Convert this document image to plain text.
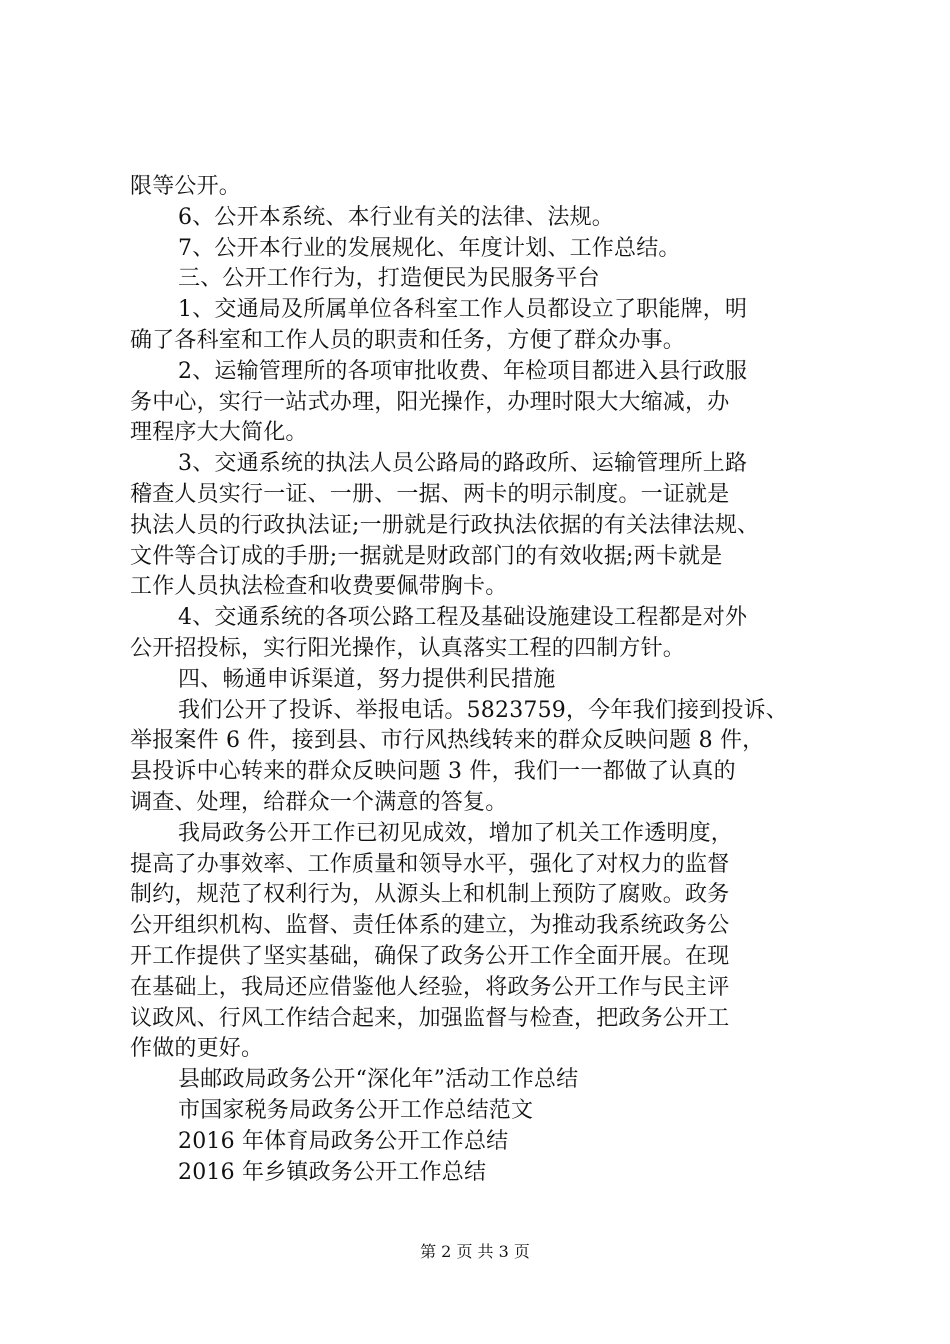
限等公开。
6、公开本系统、本行业有关的法律、法规。
7、公开本行业的发展规化、年度计划、工作总结。
三、公开工作行为，打造便民为民服务平台
1、交通局及所属单位各科室工作人员都设立了职能牌，明
确了各科室和工作人员的职责和任务，方便了群众办事。
2、运输管理所的各项审批收费、年检项目都进入县行政服
务中心，实行一站式办理，阳光操作，办理时限大大缩减，办
理程序大大简化。
3、交通系统的执法人员公路局的路政所、运输管理所上路
稽查人员实行一证、一册、一据、两卡的明示制度。一证就是
执法人员的行政执法证;一册就是行政执法依据的有关法律法规、
文件等合订成的手册;一据就是财政部门的有效收据;两卡就是
工作人员执法检查和收费要佩带胸卡。
4、交通系统的各项公路工程及基础设施建设工程都是对外
公开招投标，实行阳光操作，认真落实工程的四制方针。
四、畅通申诉渠道，努力提供利民措施
我们公开了投诉、举报电话。5823759，今年我们接到投诉、
举报案件 6 件，接到县、市行风热线转来的群众反映问题 8 件，
县投诉中心转来的群众反映问题 3 件，我们一一都做了认真的
调查、处理，给群众一个满意的答复。
我局政务公开工作已初见成效，增加了机关工作透明度，
提高了办事效率、工作质量和领导水平，强化了对权力的监督
制约，规范了权利行为，从源头上和机制上预防了腐败。政务
公开组织机构、监督、责任体系的建立，为推动我系统政务公
开工作提供了坚实基础，确保了政务公开工作全面开展。在现
在基础上，我局还应借鉴他人经验，将政务公开工作与民主评
议政风、行风工作结合起来，加强监督与检查，把政务公开工
作做的更好。
县邮政局政务公开“深化年”活动工作总结
市国家税务局政务公开工作总结范文
2016 年体育局政务公开工作总结
2016 年乡镇政务公开工作总结
第 2 页 共 3 页
